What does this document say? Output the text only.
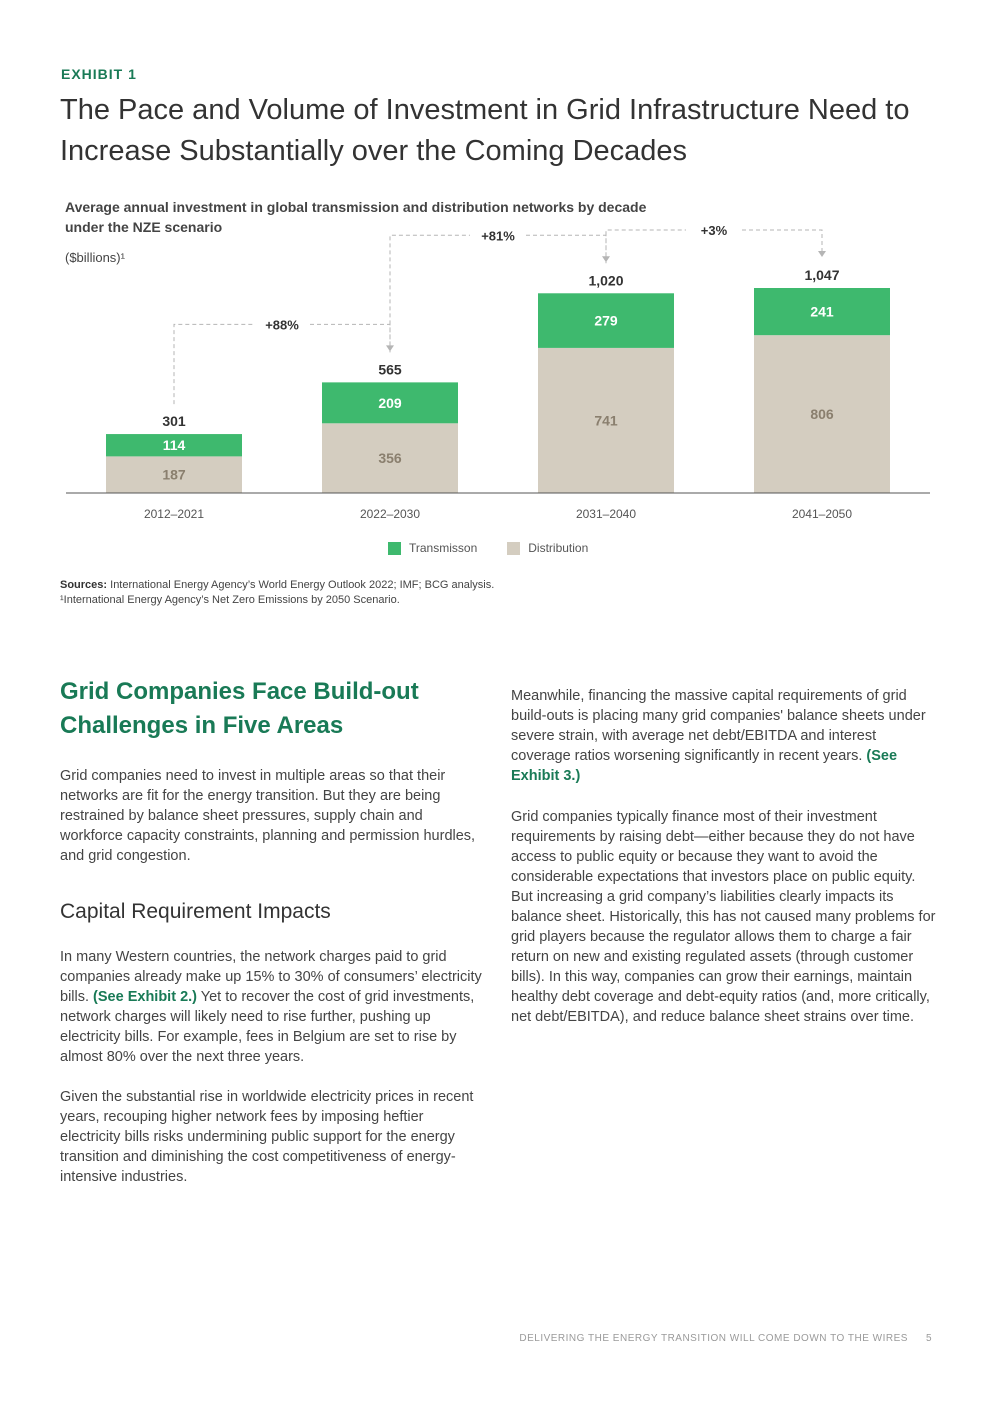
EXHIBIT 1
The Pace and Volume of Investment in Grid Infrastructure Need to Increase Substantially over the Coming Decades
Average annual investment in global transmission and distribution networks by decade under the NZE scenario
($billions)¹
187
114
301
2012–2021
356
209
565
2022–2030
741
279
1,020
2031–2040
806
241
1,047
2041–2050
+88%
+81%	+3%
Transmisson	Distribution
Sources: International Energy Agency’s World Energy Outlook 2022; IMF; BCG analysis.
¹International Energy Agency’s Net Zero Emissions by 2050 Scenario.
Grid Companies Face Build-out Challenges in Five Areas

Grid companies need to invest in multiple areas so that their networks are fit for the energy transition. But they are being restrained by balance sheet pressures, supply chain and workforce capacity constraints, planning and permission hurdles, and grid congestion.

Capital Requirement Impacts

In many Western countries, the network charges paid to grid companies already make up 15% to 30% of consumers’ electricity bills. (See Exhibit 2.) Yet to recover the cost of grid investments, network charges will likely need to rise further, pushing up electricity bills. For example, fees in Belgium are set to rise by almost 80% over the next three years.

Given the substantial rise in worldwide electricity prices in recent years, recouping higher network fees by imposing heftier electricity bills risks undermining public support for the energy transition and diminishing the cost competitiveness of energy-intensive industries.

Meanwhile, financing the massive capital requirements of grid build-outs is placing many grid companies' balance sheets under severe strain, with average net debt/EBITDA and interest coverage ratios worsening significantly in recent years. (See Exhibit 3.)

Grid companies typically finance most of their investment requirements by raising debt—either because they do not have access to public equity or because they want to avoid the considerable expectations that investors place on public equity. But increasing a grid company’s liabilities clearly impacts its balance sheet. Historically, this has not caused many problems for grid players because the regulator allows them to charge a fair return on new and existing regulated assets (through customer bills). In this way, companies can grow their earnings, maintain healthy debt coverage and debt-equity ratios (and, more critically, net debt/EBITDA), and reduce balance sheet strains over time.

DELIVERING THE ENERGY TRANSITION WILL COME DOWN TO THE WIRES 5
